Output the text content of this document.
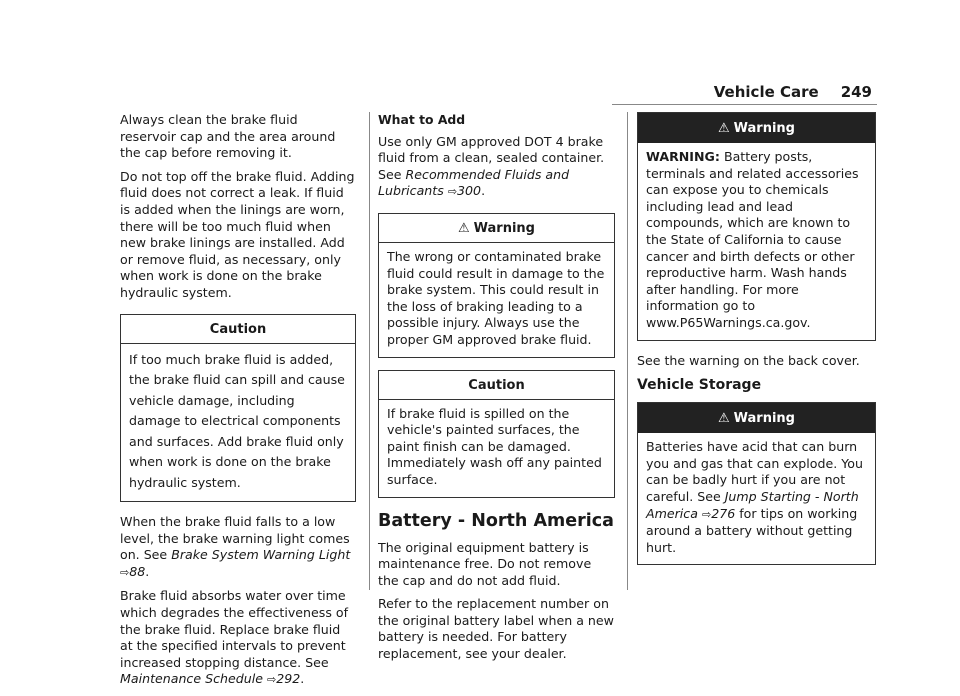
Vehicle Care 249

Always clean the brake fluid reservoir cap and the area around the cap before removing it.

Do not top off the brake fluid. Adding fluid does not correct a leak. If fluid is added when the linings are worn, there will be too much fluid when new brake linings are installed. Add or remove fluid, as necessary, only when work is done on the brake hydraulic system.

Caution
If too much brake fluid is added, the brake fluid can spill and cause vehicle damage, including damage to electrical components and surfaces. Add brake fluid only when work is done on the brake hydraulic system.

When the brake fluid falls to a low level, the brake warning light comes on. See Brake System Warning Light ⇨88.

Brake fluid absorbs water over time which degrades the effectiveness of the brake fluid. Replace brake fluid at the specified intervals to prevent increased stopping distance. See Maintenance Schedule ⇨292.

What to Add

Use only GM approved DOT 4 brake fluid from a clean, sealed container. See Recommended Fluids and Lubricants ⇨300.

⚠ Warning
The wrong or contaminated brake fluid could result in damage to the brake system. This could result in the loss of braking leading to a possible injury. Always use the proper GM approved brake fluid.
Caution
If brake fluid is spilled on the vehicle's painted surfaces, the paint finish can be damaged. Immediately wash off any painted surface.
Battery - North America

The original equipment battery is maintenance free. Do not remove the cap and do not add fluid.

Refer to the replacement number on the original battery label when a new battery is needed. For battery replacement, see your dealer.

⚠ Warning
WARNING: Battery posts, terminals and related accessories can expose you to chemicals including lead and lead compounds, which are known to the State of California to cause cancer and birth defects or other reproductive harm. Wash hands after handling. For more information go to www.P65Warnings.ca.gov.

See the warning on the back cover.

Vehicle Storage
⚠ Warning
Batteries have acid that can burn you and gas that can explode. You can be badly hurt if you are not careful. See Jump Starting - North America ⇨276 for tips on working around a battery without getting hurt.
